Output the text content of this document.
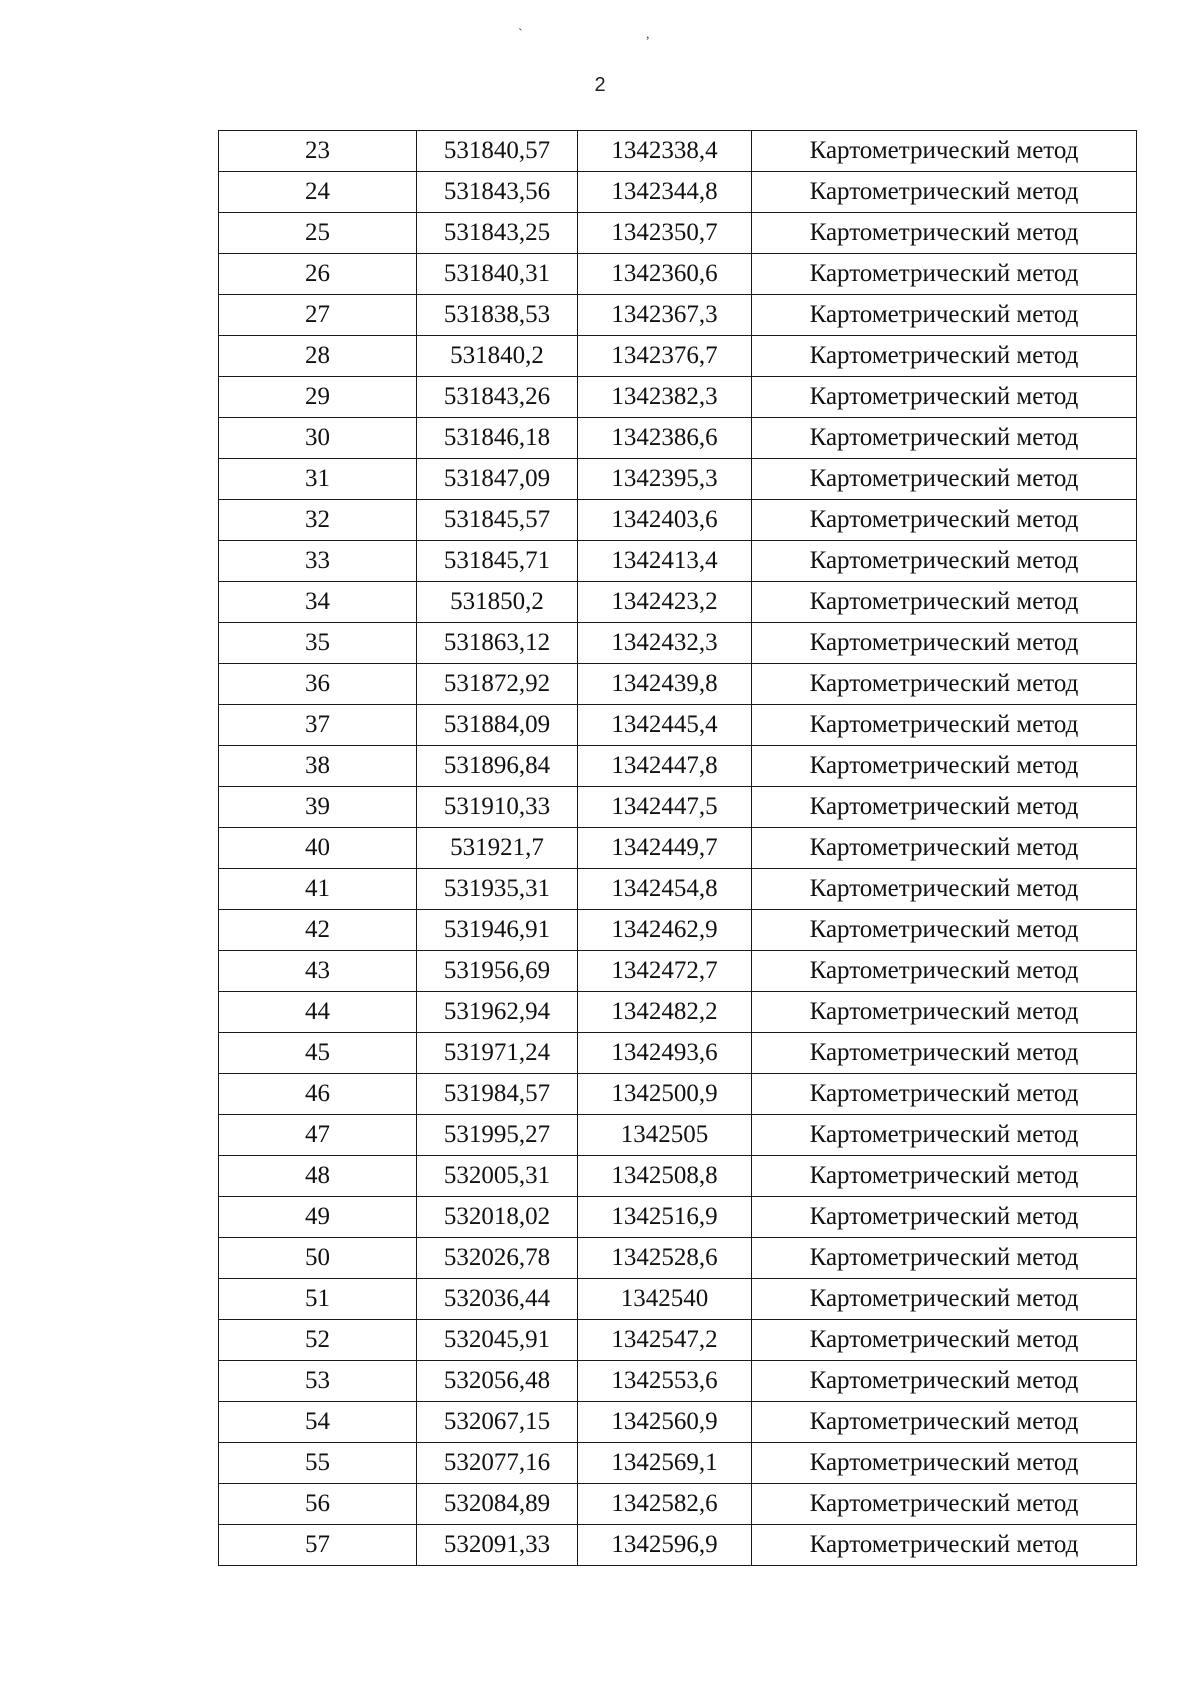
`	,
2
23	531840,57	1342338,4	Картометрический метод
24	531843,56	1342344,8	Картометрический метод
25	531843,25	1342350,7	Картометрический метод
26	531840,31	1342360,6	Картометрический метод
27	531838,53	1342367,3	Картометрический метод
28	531840,2	1342376,7	Картометрический метод
29	531843,26	1342382,3	Картометрический метод
30	531846,18	1342386,6	Картометрический метод
31	531847,09	1342395,3	Картометрический метод
32	531845,57	1342403,6	Картометрический метод
33	531845,71	1342413,4	Картометрический метод
34	531850,2	1342423,2	Картометрический метод
35	531863,12	1342432,3	Картометрический метод
36	531872,92	1342439,8	Картометрический метод
37	531884,09	1342445,4	Картометрический метод
38	531896,84	1342447,8	Картометрический метод
39	531910,33	1342447,5	Картометрический метод
40	531921,7	1342449,7	Картометрический метод
41	531935,31	1342454,8	Картометрический метод
42	531946,91	1342462,9	Картометрический метод
43	531956,69	1342472,7	Картометрический метод
44	531962,94	1342482,2	Картометрический метод
45	531971,24	1342493,6	Картометрический метод
46	531984,57	1342500,9	Картометрический метод
47	531995,27	1342505	Картометрический метод
48	532005,31	1342508,8	Картометрический метод
49	532018,02	1342516,9	Картометрический метод
50	532026,78	1342528,6	Картометрический метод
51	532036,44	1342540	Картометрический метод
52	532045,91	1342547,2	Картометрический метод
53	532056,48	1342553,6	Картометрический метод
54	532067,15	1342560,9	Картометрический метод
55	532077,16	1342569,1	Картометрический метод
56	532084,89	1342582,6	Картометрический метод
57	532091,33	1342596,9	Картометрический метод
